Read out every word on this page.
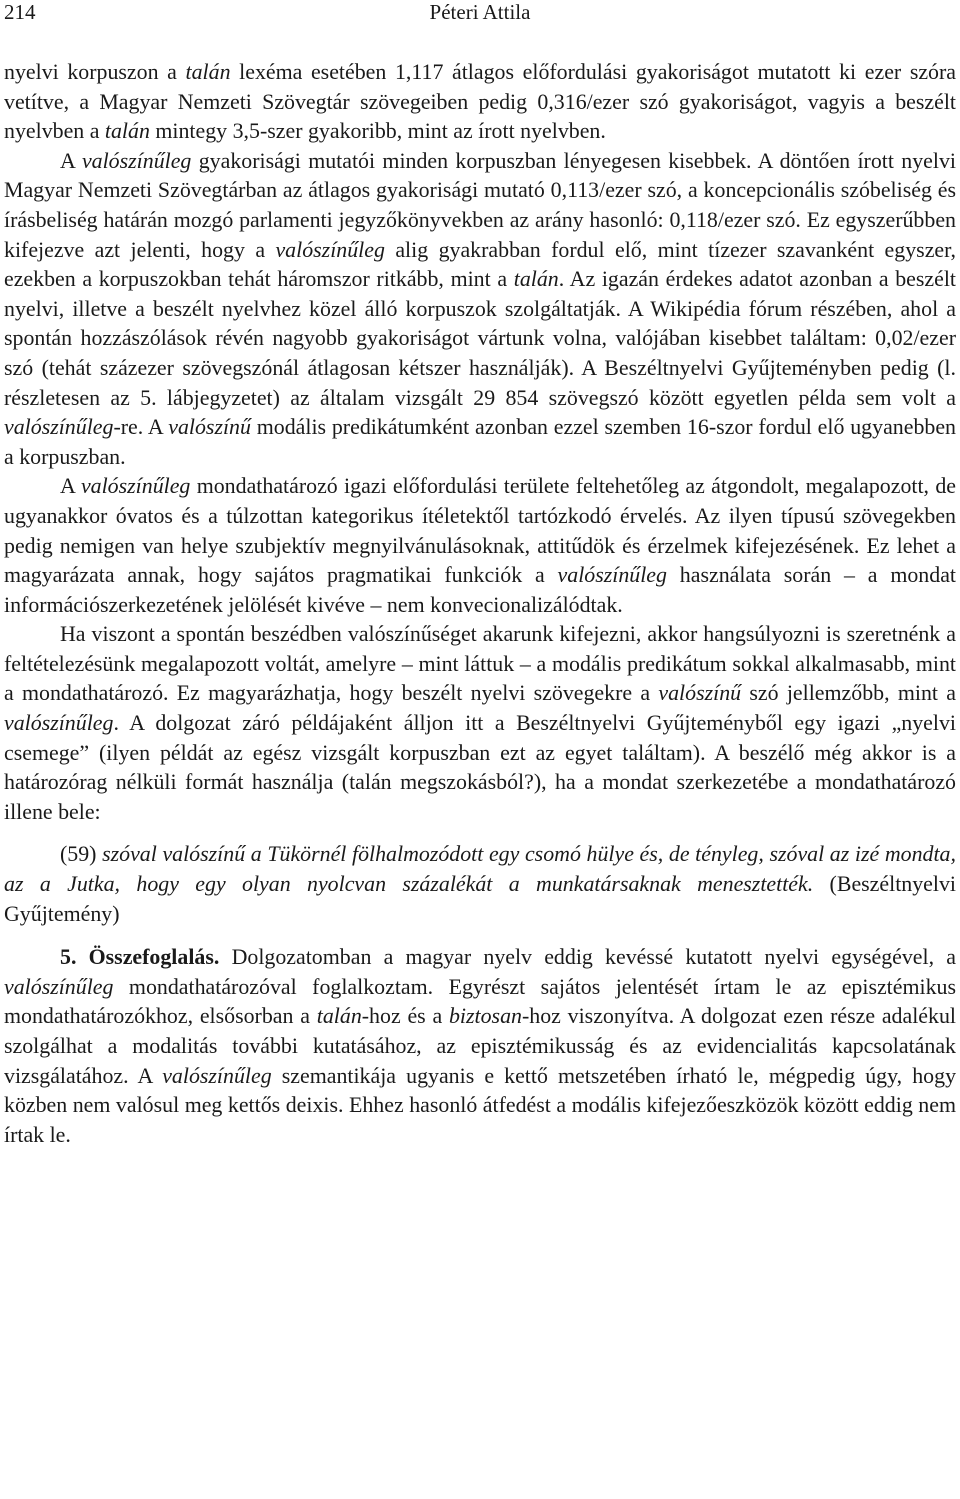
214	Péteri Attila

nyelvi korpuszon a talán lexéma esetében 1,117 átlagos előfordulási gyakoriságot mutatott ki ezer szóra vetítve, a Magyar Nemzeti Szövegtár szövegeiben pedig 0,316/ezer szó gyakoriságot, vagyis a beszélt nyelvben a talán mintegy 3,5-szer gyakoribb, mint az írott nyelvben.

A valószínűleg gyakorisági mutatói minden korpuszban lényegesen kisebbek. A döntően írott nyelvi Magyar Nemzeti Szövegtárban az átlagos gyakorisági mutató 0,113/ezer szó, a koncepcionális szóbeliség és írásbeliség határán mozgó parlamenti jegyzőkönyvekben az arány hasonló: 0,118/ezer szó. Ez egyszerűbben kifejezve azt jelenti, hogy a valószínűleg alig gyakrabban fordul elő, mint tízezer szavanként egyszer, ezekben a korpuszokban tehát háromszor ritkább, mint a talán. Az igazán érdekes adatot azonban a beszélt nyelvi, illetve a beszélt nyelvhez közel álló korpuszok szolgáltatják. A Wikipédia fórum részében, ahol a spontán hozzászólások révén nagyobb gyakoriságot vártunk volna, valójában kisebbet találtam: 0,02/ezer szó (tehát százezer szövegszónál átlagosan kétszer használják). A Beszéltnyelvi Gyűjteményben pedig (l. részletesen az 5. lábjegyzetet) az általam vizsgált 29 854 szövegszó között egyetlen példa sem volt a valószínűleg-re. A valószínű modális predikátumként azonban ezzel szemben 16-szor fordul elő ugyanebben a korpuszban.

A valószínűleg mondathatározó igazi előfordulási területe feltehetőleg az átgondolt, megalapozott, de ugyanakkor óvatos és a túlzottan kategorikus ítéletektől tartózkodó érvelés. Az ilyen típusú szövegekben pedig nemigen van helye szubjektív megnyilvánulásoknak, attitűdök és érzelmek kifejezésének. Ez lehet a magyarázata annak, hogy sajátos pragmatikai funkciók a valószínűleg használata során – a mondat információszerkezetének jelölését kivéve – nem konvecionalizálódtak.

Ha viszont a spontán beszédben valószínűséget akarunk kifejezni, akkor hangsúlyozni is szeretnénk a feltételezésünk megalapozott voltát, amelyre – mint láttuk – a modális predikátum sokkal alkalmasabb, mint a mondathatározó. Ez magyarázhatja, hogy beszélt nyelvi szövegekre a valószínű szó jellemzőbb, mint a valószínűleg. A dolgozat záró példájaként álljon itt a Beszéltnyelvi Gyűjteményből egy igazi „nyelvi csemege” (ilyen példát az egész vizsgált korpuszban ezt az egyet találtam). A beszélő még akkor is a határozórag nélküli formát használja (talán megszokásból?), ha a mondat szerkezetébe a mondathatározó illene bele:

(59) szóval valószínű a Tükörnél fölhalmozódott egy csomó hülye és, de tényleg, szóval az izé mondta, az a Jutka, hogy egy olyan nyolcvan százalékát a munkatársaknak menesztették. (Beszéltnyelvi Gyűjtemény)

5. Összefoglalás. Dolgozatomban a magyar nyelv eddig kevéssé kutatott nyelvi egységével, a valószínűleg mondathatározóval foglalkoztam. Egyrészt sajátos jelentését írtam le az episztémikus mondathatározókhoz, elsősorban a talán-hoz és a biztosan-hoz viszonyítva. A dolgozat ezen része adalékul szolgálhat a modalitás további kutatásához, az episztémikusság és az evidencialitás kapcsolatának vizsgálatához. A valószínűleg szemantikája ugyanis e kettő metszetében írható le, mégpedig úgy, hogy közben nem valósul meg kettős deixis. Ehhez hasonló átfedést a modális kifejezőeszközök között eddig nem írtak le.
